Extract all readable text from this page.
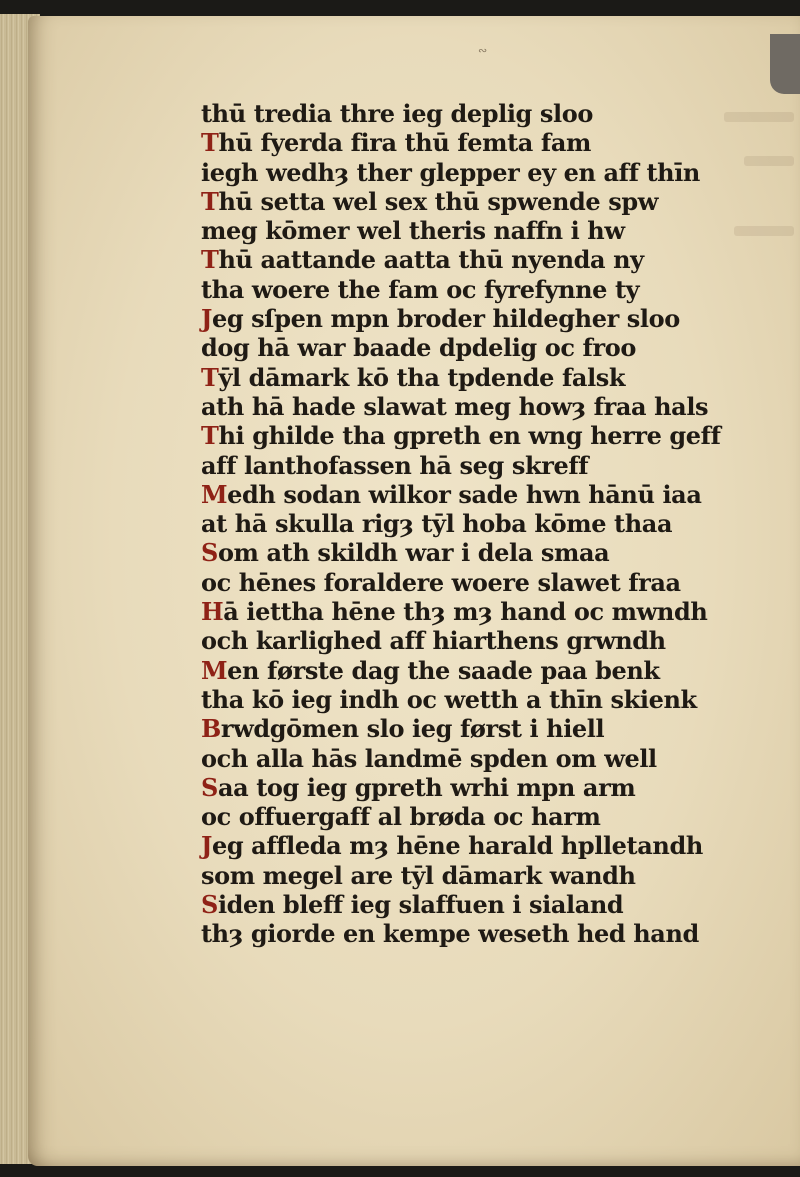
∾
thū tredia thre ieg deplig sloo
Thū fyerda fira thū femta fam
iegh wedhȝ ther glepper ey en aff thīn
Thū setta wel sex thū spwende spw
meg kōmer wel theris naffn i hw
Thū aattande aatta thū nyenda ny
tha woere the fam oc fyrefynne ty
Jeg sſpen mpn broder hildegher sloo
dog hā war baade dpdelig oc froo
Tȳl dāmark kō tha tpdende falsk
ath hā hade slawat meg howȝ fraa hals
Thi ghilde tha gpreth en wng herre geff
aff lanthofassen hā seg skreff
Medh sodan wilkor sade hwn hānū iaa
at hā skulla rigȝ tȳl hoba kōme thaa
Som ath skildh war i dela smaa
oc hēnes foraldere woere slawet fraa
Hā iettha hēne thȝ mȝ hand oc mwndh
och karlighed aff hiarthens grwndh
Men første dag the saade paa benk
tha kō ieg indh oc wetth a thīn skienk
Brwdgōmen slo ieg først i hiell
och alla hās landmē spden om well
Saa tog ieg gpreth wrhi mpn arm
oc offuergaff al brøda oc harm
Jeg affleda mȝ hēne harald hplletandh
som megel are tȳl dāmark wandh
Siden bleff ieg slaffuen i sialand
thȝ giorde en kempe weseth hed hand
